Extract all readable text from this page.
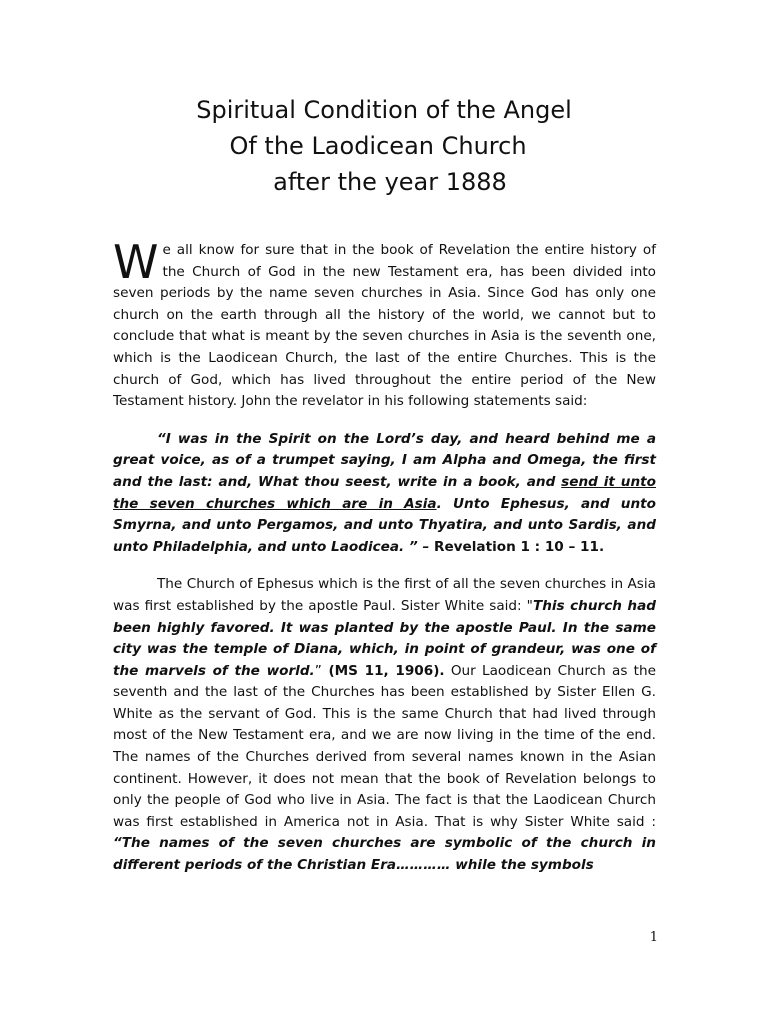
Spiritual Condition of the Angel
Of the Laodicean Church
after the year 1888

We all know for sure that in the book of Revelation the entire history of the Church of God in the new Testament era, has been divided into seven periods by the name seven churches in Asia. Since God has only one church on the earth through all the history of the world, we cannot but to conclude that what is meant by the seven churches in Asia is the seventh one, which is the Laodicean Church, the last of the entire Churches. This is the church of God, which has lived throughout the entire period of the New Testament history. John the revelator in his following statements said:

“I was in the Spirit on the Lord’s day, and heard behind me a great voice, as of a trumpet saying, I am Alpha and Omega, the first and the last: and, What thou seest, write in a book, and send it unto the seven churches which are in Asia. Unto Ephesus, and unto Smyrna, and unto Pergamos, and unto Thyatira, and unto Sardis, and unto Philadelphia, and unto Laodicea. ” – Revelation 1 : 10 – 11.

The Church of Ephesus which is the first of all the seven churches in Asia was first established by the apostle Paul. Sister White said: "This church had been highly favored. It was planted by the apostle Paul. In the same city was the temple of Diana, which, in point of grandeur, was one of the marvels of the world.” (MS 11, 1906). Our Laodicean Church as the seventh and the last of the Churches has been established by Sister Ellen G. White as the servant of God. This is the same Church that had lived through most of the New Testament era, and we are now living in the time of the end. The names of the Churches derived from several names known in the Asian continent. However, it does not mean that the book of Revelation belongs to only the people of God who live in Asia. The fact is that the Laodicean Church was first established in America not in Asia. That is why Sister White said : “The names of the seven churches are symbolic of the church in different periods of the Christian Era………… while the symbols

1
